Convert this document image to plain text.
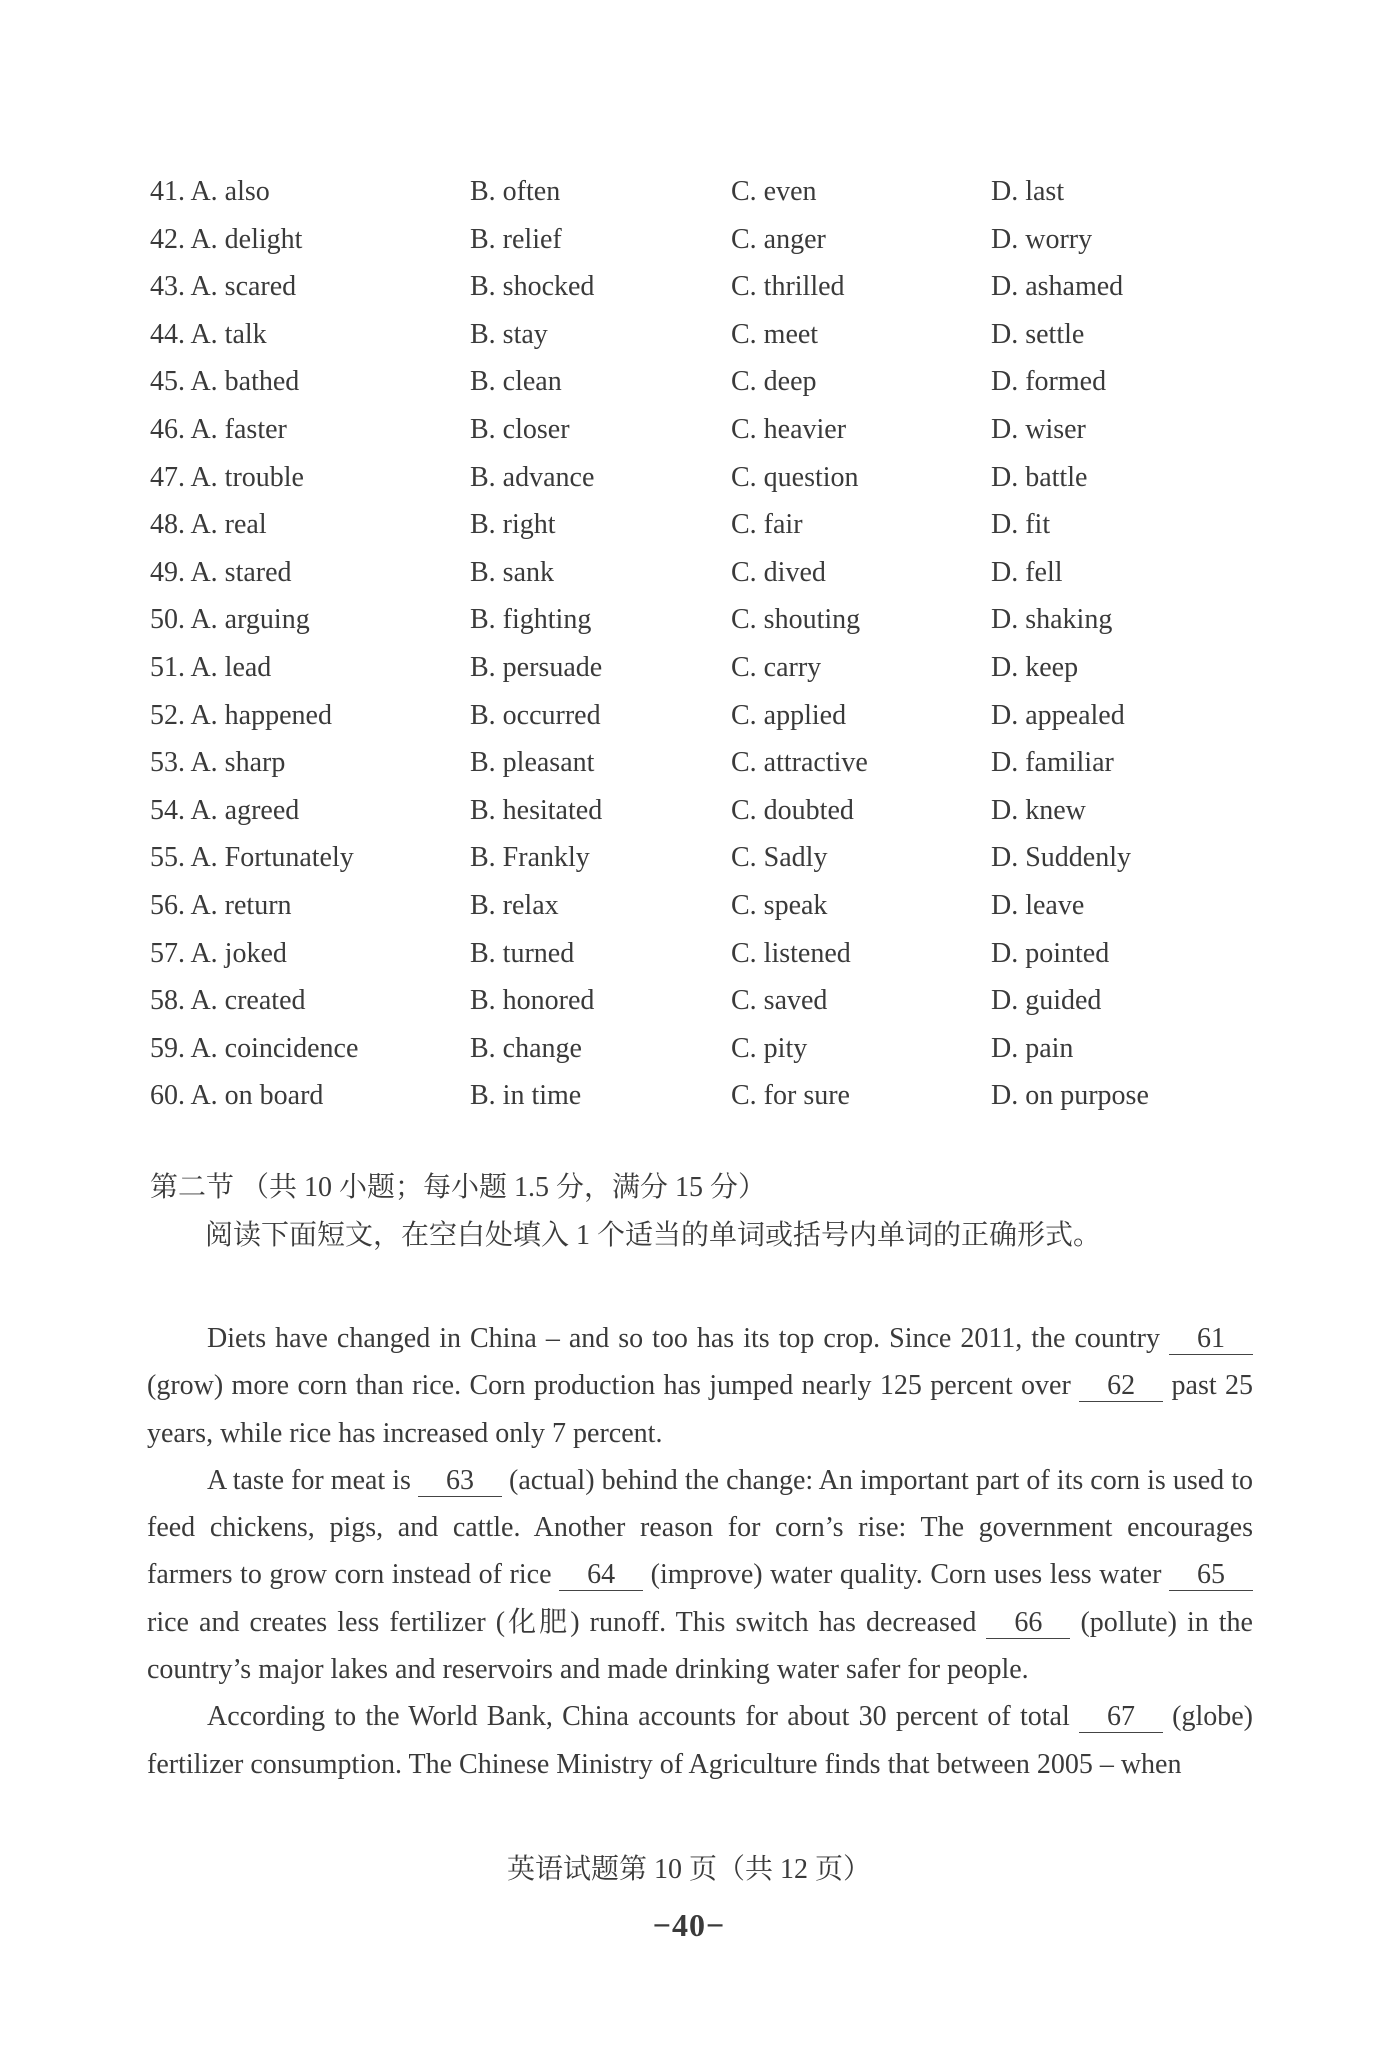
41. A. also	B. often	C. even	D. last
42. A. delight	B. relief	C. anger	D. worry
43. A. scared	B. shocked	C. thrilled	D. ashamed
44. A. talk	B. stay	C. meet	D. settle
45. A. bathed	B. clean	C. deep	D. formed
46. A. faster	B. closer	C. heavier	D. wiser
47. A. trouble	B. advance	C. question	D. battle
48. A. real	B. right	C. fair	D. fit
49. A. stared	B. sank	C. dived	D. fell
50. A. arguing	B. fighting	C. shouting	D. shaking
51. A. lead	B. persuade	C. carry	D. keep
52. A. happened	B. occurred	C. applied	D. appealed
53. A. sharp	B. pleasant	C. attractive	D. familiar
54. A. agreed	B. hesitated	C. doubted	D. knew
55. A. Fortunately	B. Frankly	C. Sadly	D. Suddenly
56. A. return	B. relax	C. speak	D. leave
57. A. joked	B. turned	C. listened	D. pointed
58. A. created	B. honored	C. saved	D. guided
59. A. coincidence	B. change	C. pity	D. pain
60. A. on board	B. in time	C. for sure	D. on purpose
第二节 （共 10 小题；每小题 1.5 分，满分 15 分）
阅读下面短文，在空白处填入 1 个适当的单词或括号内单词的正确形式。

Diets have changed in China – and so too has its top crop. Since 2011, the country 61 (grow) more corn than rice. Corn production has jumped nearly 125 percent over 62 past 25 years, while rice has increased only 7 percent.

A taste for meat is 63 (actual) behind the change: An important part of its corn is used to feed chickens, pigs, and cattle. Another reason for corn’s rise: The government encourages farmers to grow corn instead of rice 64 (improve) water quality. Corn uses less water 65 rice and creates less fertilizer (化肥) runoff. This switch has decreased 66 (pollute) in the country’s major lakes and reservoirs and made drinking water safer for people.

According to the World Bank, China accounts for about 30 percent of total 67 (globe) fertilizer consumption. The Chinese Ministry of Agriculture finds that between 2005 – when

英语试题第 10 页（共 12 页）
−40−
